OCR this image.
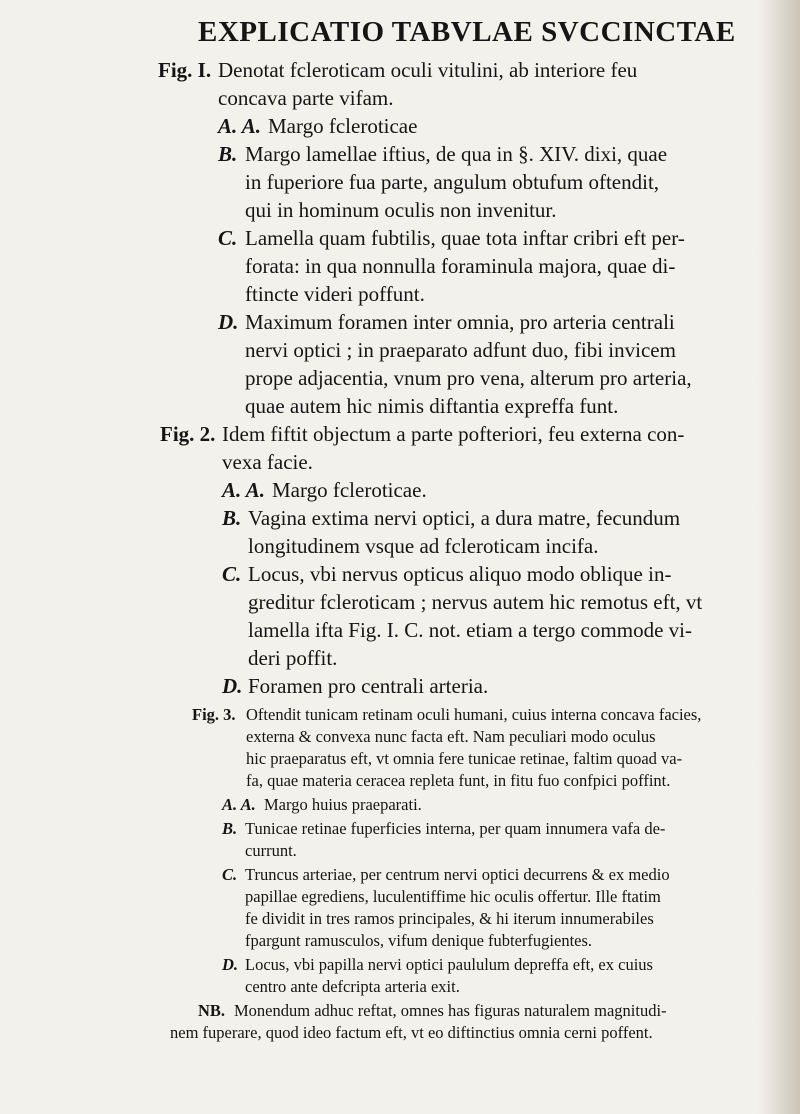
EXPLICATIO TABVLAE SVCCINCTAE
Fig. I. Denotat fcleroticam oculi vitulini, ab interiore feu
concava parte vifam.
A. A. Margo fcleroticae
B. Margo lamellae iftius, de qua in §. XIV. dixi, quae
in fuperiore fua parte, angulum obtufum oftendit,
qui in hominum oculis non invenitur.
C. Lamella quam fubtilis, quae tota inftar cribri eft per-
forata: in qua nonnulla foraminula majora, quae di-
ftincte videri poffunt.
D. Maximum foramen inter omnia, pro arteria centrali
nervi optici ; in praeparato adfunt duo, fibi invicem
prope adjacentia, vnum pro vena, alterum pro arteria,
quae autem hic nimis diftantia expreffa funt.
Fig. 2. Idem fiftit objectum a parte pofteriori, feu externa con-
vexa facie.
A. A. Margo fcleroticae.
B. Vagina extima nervi optici, a dura matre, fecundum
longitudinem vsque ad fcleroticam incifa.
C. Locus, vbi nervus opticus aliquo modo oblique in-
greditur fcleroticam ; nervus autem hic remotus eft, vt
lamella ifta Fig. I. C. not. etiam a tergo commode vi-
deri poffit.
D. Foramen pro centrali arteria.
Fig. 3. Oftendit tunicam retinam oculi humani, cuius interna concava facies,
externa & convexa nunc facta eft. Nam peculiari modo oculus
hic praeparatus eft, vt omnia fere tunicae retinae, faltim quoad va-
fa, quae materia ceracea repleta funt, in fitu fuo confpici poffint.
A. A. Margo huius praeparati.
B. Tunicae retinae fuperficies interna, per quam innumera vafa de-
currunt.
C. Truncus arteriae, per centrum nervi optici decurrens & ex medio
papillae egrediens, luculentiffime hic oculis offertur. Ille ftatim
fe dividit in tres ramos principales, & hi iterum innumerabiles
fpargunt ramusculos, vifum denique fubterfugientes.
D. Locus, vbi papilla nervi optici paululum depreffa eft, ex cuius
centro ante defcripta arteria exit.
NB. Monendum adhuc reftat, omnes has figuras naturalem magnitudi-
nem fuperare, quod ideo factum eft, vt eo diftinctius omnia cerni poffent.
